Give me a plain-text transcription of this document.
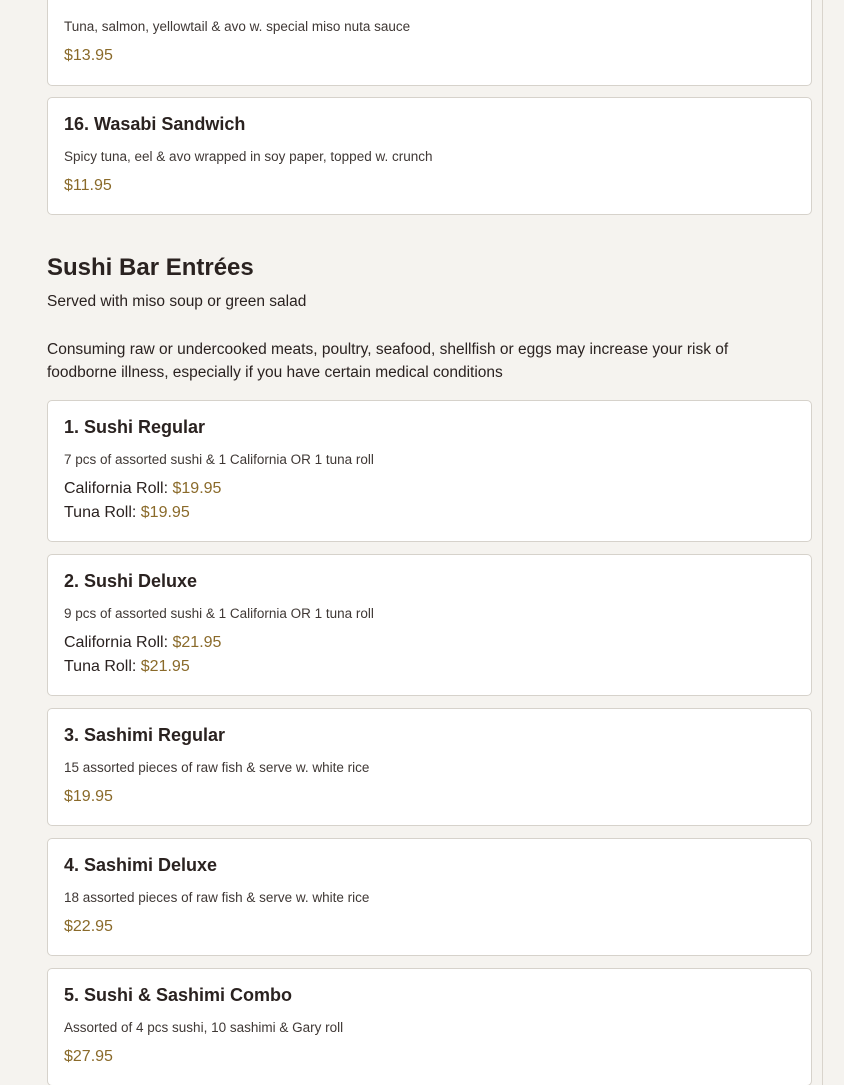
Tuna, salmon, yellowtail & avo w. special miso nuta sauce
$13.95
16. Wasabi Sandwich
Spicy tuna, eel & avo wrapped in soy paper, topped w. crunch
$11.95
Sushi Bar Entrées
Served with miso soup or green salad
Consuming raw or undercooked meats, poultry, seafood, shellfish or eggs may increase your risk of foodborne illness, especially if you have certain medical conditions
1. Sushi Regular
7 pcs of assorted sushi & 1 California OR 1 tuna roll
California Roll: $19.95
Tuna Roll: $19.95
2. Sushi Deluxe
9 pcs of assorted sushi & 1 California OR 1 tuna roll
California Roll: $21.95
Tuna Roll: $21.95
3. Sashimi Regular
15 assorted pieces of raw fish & serve w. white rice
$19.95
4. Sashimi Deluxe
18 assorted pieces of raw fish & serve w. white rice
$22.95
5. Sushi & Sashimi Combo
Assorted of 4 pcs sushi, 10 sashimi & Gary roll
$27.95
